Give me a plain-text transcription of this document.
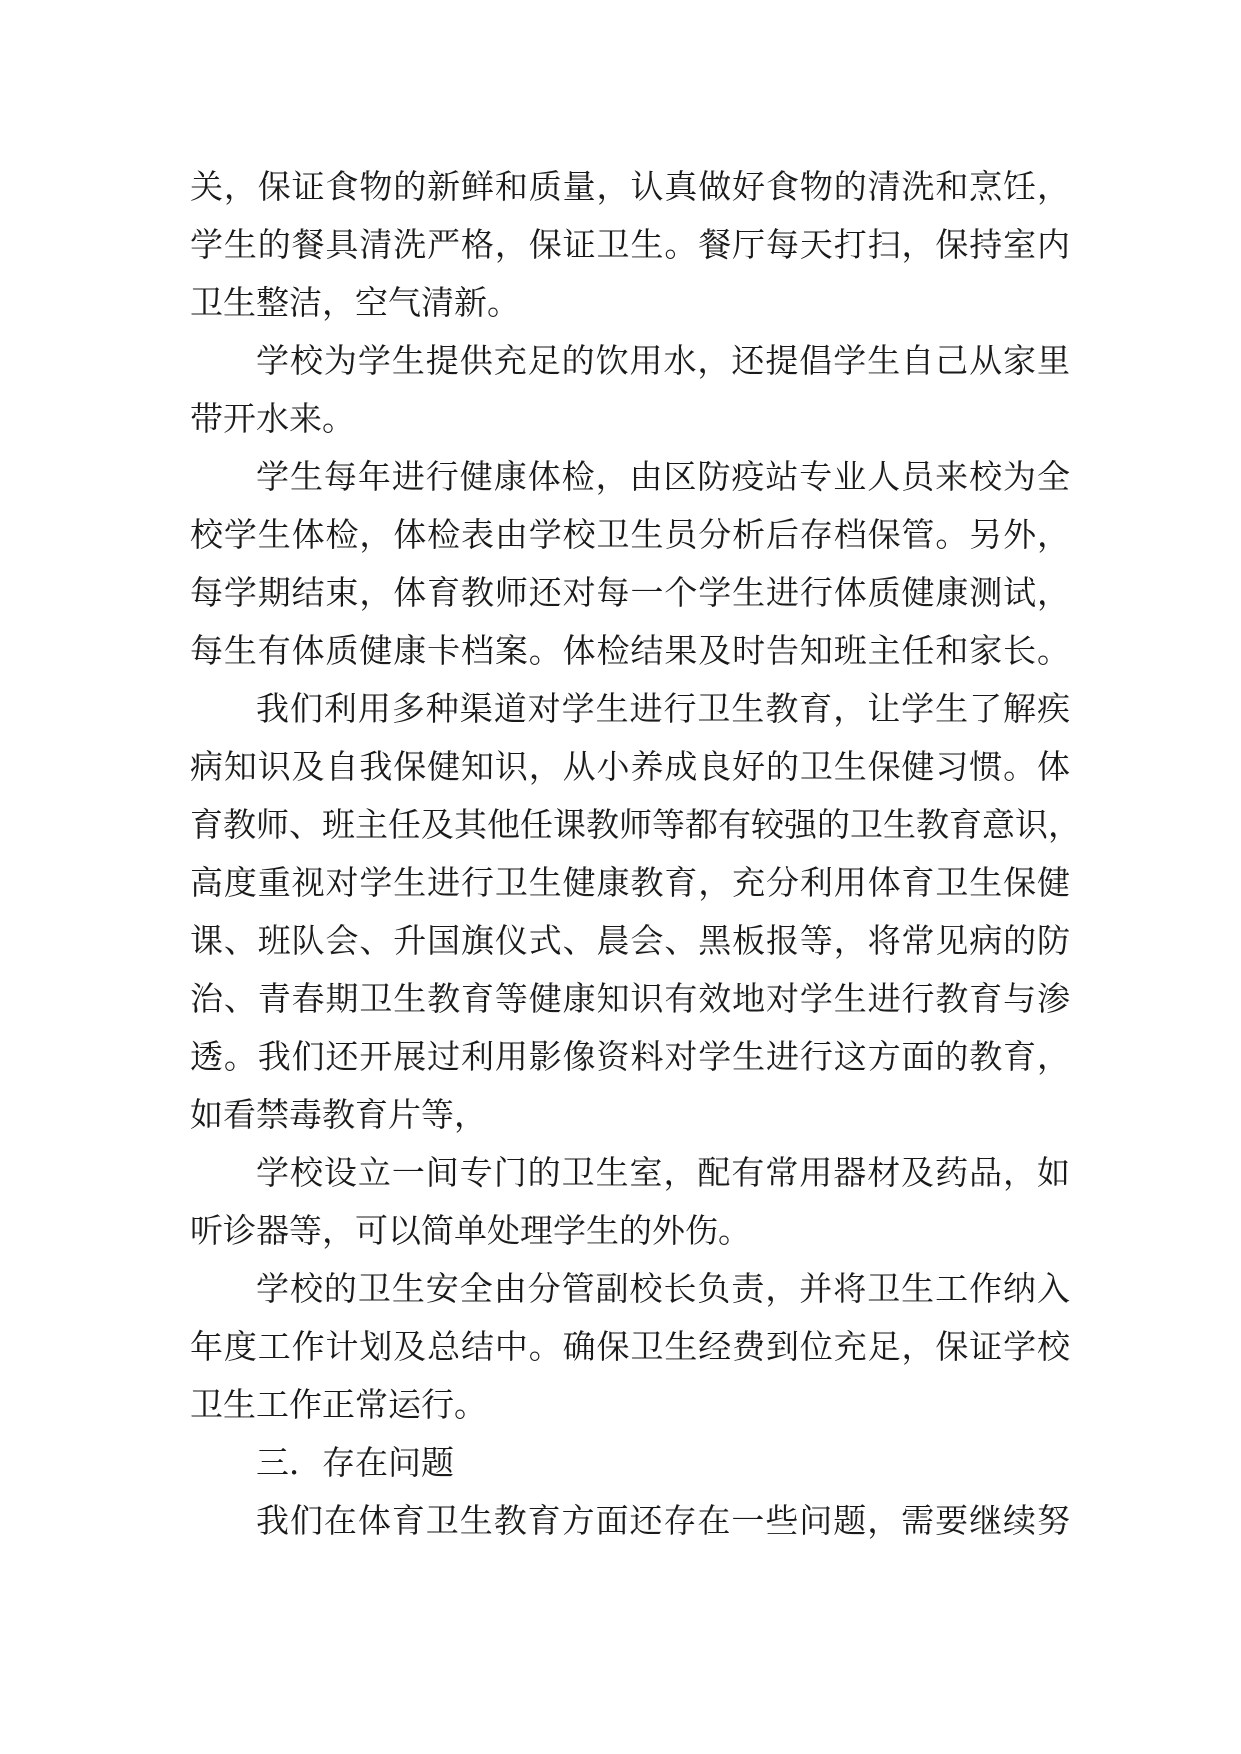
关，保证食物的新鲜和质量，认真做好食物的清洗和烹饪，
学生的餐具清洗严格，保证卫生。餐厅每天打扫，保持室内
卫生整洁，空气清新。
学校为学生提供充足的饮用水，还提倡学生自己从家里
带开水来。
学生每年进行健康体检，由区防疫站专业人员来校为全
校学生体检，体检表由学校卫生员分析后存档保管。另外，
每学期结束，体育教师还对每一个学生进行体质健康测试，
每生有体质健康卡档案。体检结果及时告知班主任和家长。
我们利用多种渠道对学生进行卫生教育，让学生了解疾
病知识及自我保健知识，从小养成良好的卫生保健习惯。体
育教师、班主任及其他任课教师等都有较强的卫生教育意识，
高度重视对学生进行卫生健康教育，充分利用体育卫生保健
课、班队会、升国旗仪式、晨会、黑板报等，将常见病的防
治、青春期卫生教育等健康知识有效地对学生进行教育与渗
透。我们还开展过利用影像资料对学生进行这方面的教育，
如看禁毒教育片等，
学校设立一间专门的卫生室，配有常用器材及药品，如
听诊器等，可以简单处理学生的外伤。
学校的卫生安全由分管副校长负责，并将卫生工作纳入
年度工作计划及总结中。确保卫生经费到位充足，保证学校
卫生工作正常运行。
三．存在问题
我们在体育卫生教育方面还存在一些问题，需要继续努
